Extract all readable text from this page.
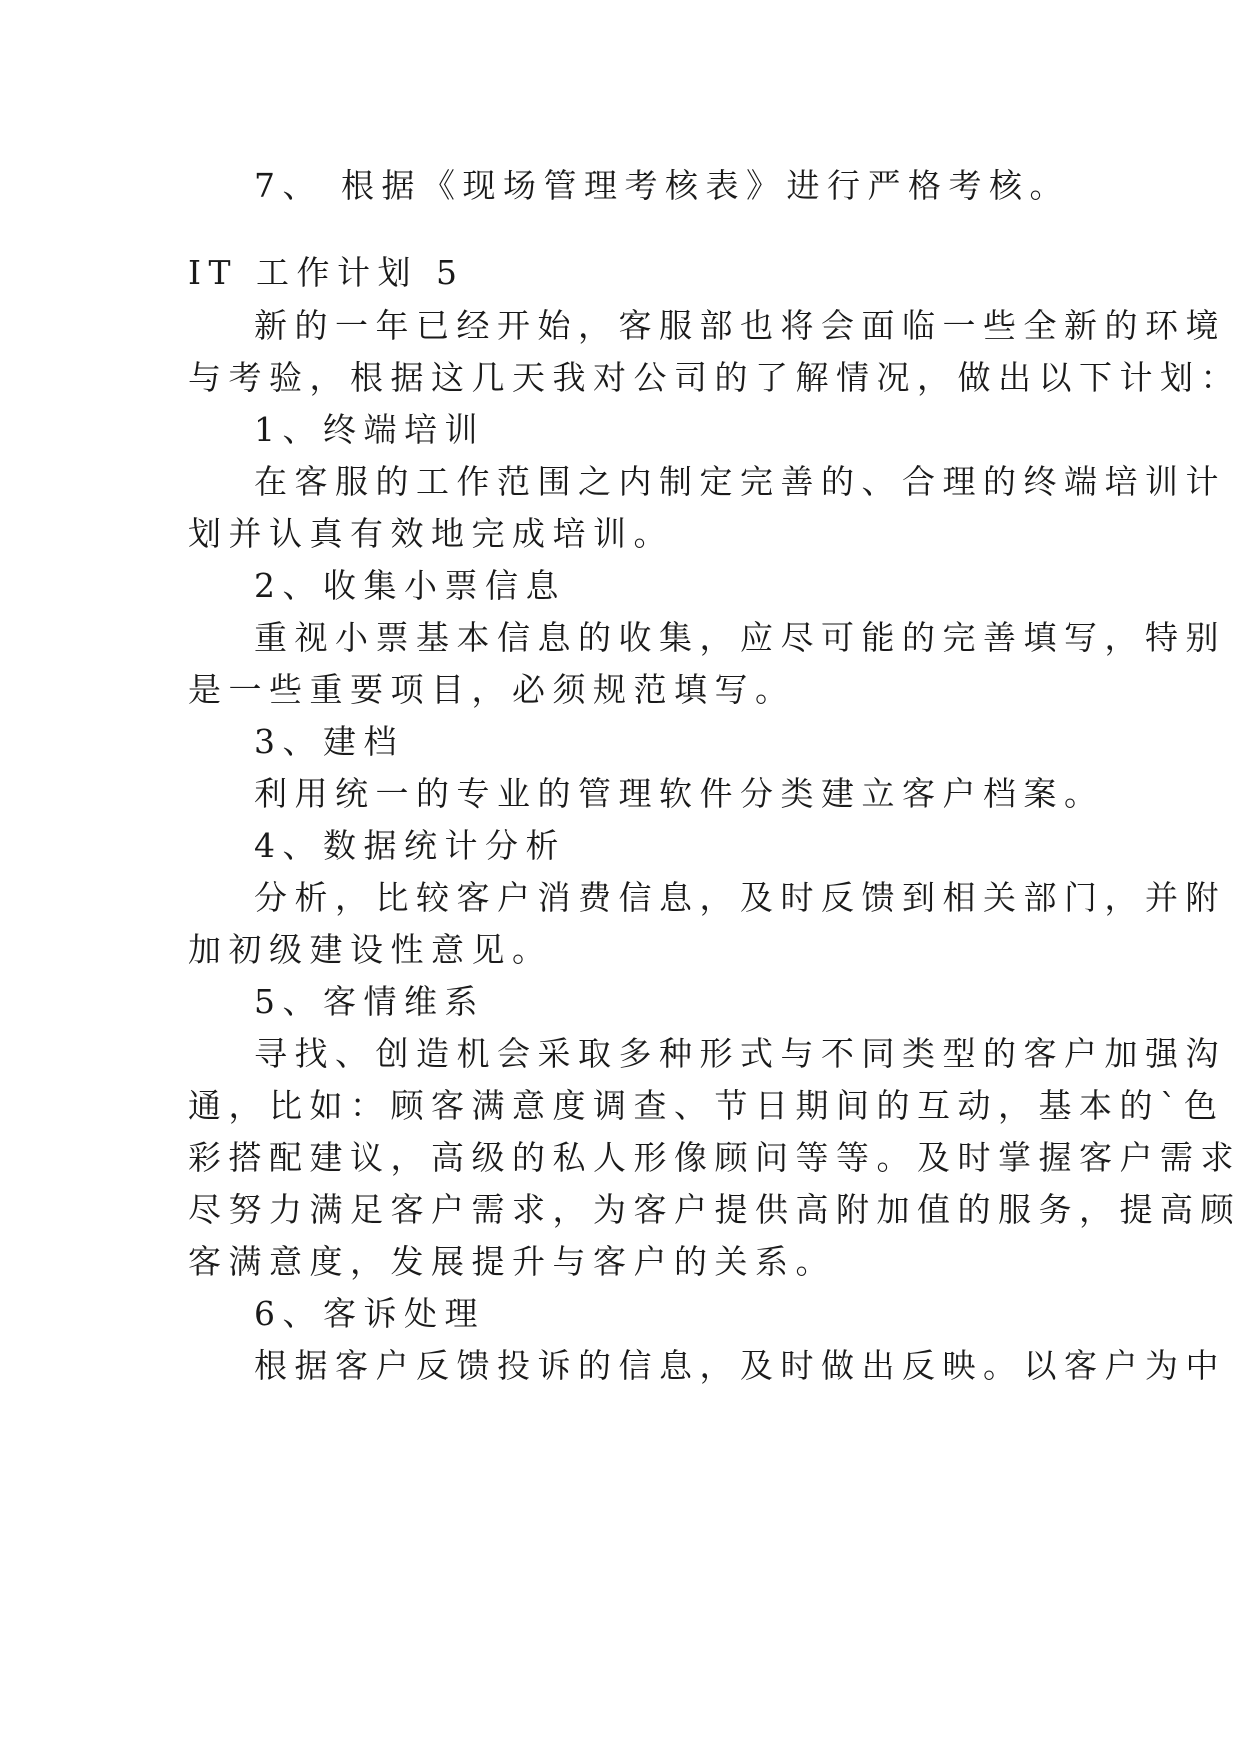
7、 根据《现场管理考核表》进行严格考核。
IT 工作计划 5
新的一年已经开始，客服部也将会面临一些全新的环境
与考验，根据这几天我对公司的了解情况，做出以下计划：
1、终端培训
在客服的工作范围之内制定完善的、合理的终端培训计
划并认真有效地完成培训。
2、收集小票信息
重视小票基本信息的收集，应尽可能的完善填写，特别
是一些重要项目，必须规范填写。
3、建档
利用统一的专业的管理软件分类建立客户档案。
4、数据统计分析
分析，比较客户消费信息，及时反馈到相关部门，并附
加初级建设性意见。
5、客情维系
寻找、创造机会采取多种形式与不同类型的客户加强沟
通，比如：顾客满意度调查、节日期间的互动，基本的`色
彩搭配建议，高级的私人形像顾问等等。及时掌握客户需求
尽努力满足客户需求，为客户提供高附加值的服务，提高顾
客满意度，发展提升与客户的关系。
6、客诉处理
根据客户反馈投诉的信息，及时做出反映。以客户为中
